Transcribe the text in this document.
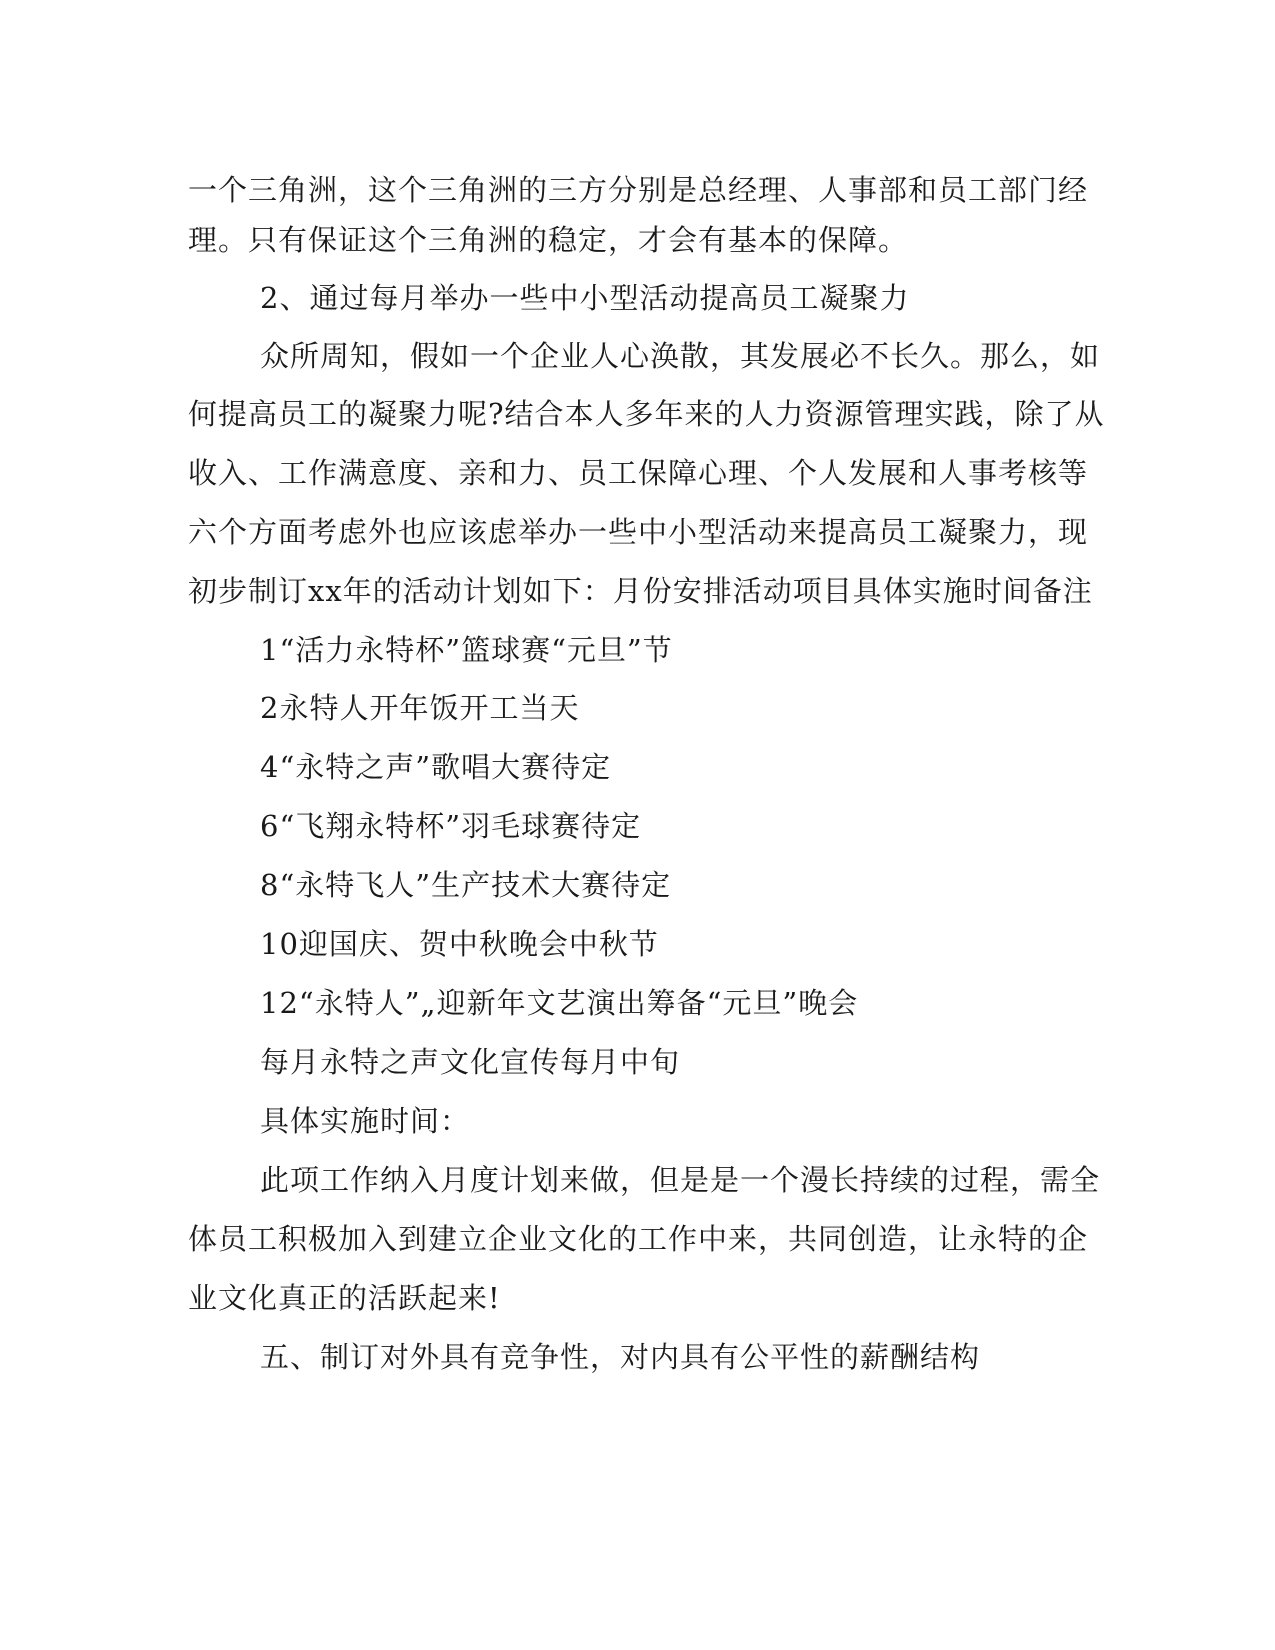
一个三角洲，这个三角洲的三方分别是总经理、人事部和员工部门经
理。只有保证这个三角洲的稳定，才会有基本的保障。
2、通过每月举办一些中小型活动提高员工凝聚力
众所周知，假如一个企业人心涣散，其发展必不长久。那么，如
何提高员工的凝聚力呢?结合本人多年来的人力资源管理实践，除了从
收入、工作满意度、亲和力、员工保障心理、个人发展和人事考核等
六个方面考虑外也应该虑举办一些中小型活动来提高员工凝聚力，现
初步制订xx年的活动计划如下：月份安排活动项目具体实施时间备注
1“活力永特杯”篮球赛“元旦”节
2永特人开年饭开工当天
4“永特之声”歌唱大赛待定
6“飞翔永特杯”羽毛球赛待定
8“永特飞人”生产技术大赛待定
10迎国庆、贺中秋晚会中秋节
12“永特人”„迎新年文艺演出筹备“元旦”晚会
每月永特之声文化宣传每月中旬
具体实施时间：
此项工作纳入月度计划来做，但是是一个漫长持续的过程，需全
体员工积极加入到建立企业文化的工作中来，共同创造，让永特的企
业文化真正的活跃起来!
五、制订对外具有竞争性，对内具有公平性的薪酬结构
